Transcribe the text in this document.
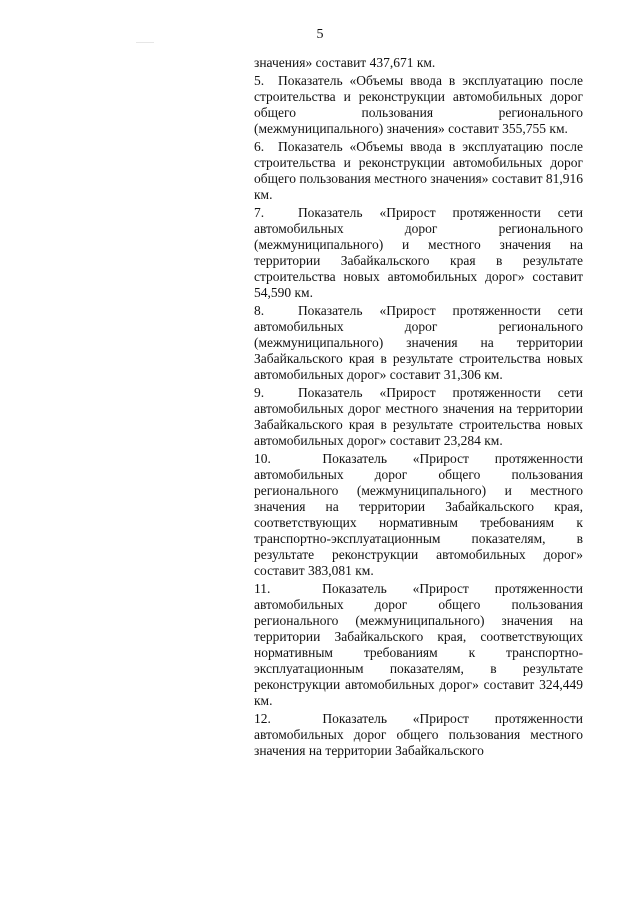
5

значения» составит 437,671 км.

5. Показатель «Объемы ввода в эксплуатацию после строительства и реконструкции автомобильных дорог общего пользования регионального (межмуниципального) значения» составит 355,755 км.

6. Показатель «Объемы ввода в эксплуатацию после строительства и реконструкции автомобильных дорог общего пользования местного значения» составит 81,916 км.

7.	Показатель «Прирост протяженности сети автомобильных дорог регионального (межмуниципального) и местного значения на территории Забайкальского края в результате строительства новых автомобильных дорог» составит 54,590 км.

8.	Показатель «Прирост протяженности сети автомобильных дорог регионального (межмуниципального) значения на территории Забайкальского края в результате строительства новых автомобильных дорог» составит 31,306 км.

9.	Показатель «Прирост протяженности сети автомобильных дорог местного значения на территории Забайкальского края в результате строительства новых автомобильных дорог» составит 23,284 км.

10.	Показатель «Прирост протяженности автомобильных дорог общего пользования регионального (межмуниципального) и местного значения на территории Забайкальского края, соответствующих нормативным требованиям к транспортно-эксплуатационным показателям, в результате реконструкции автомобильных дорог» составит 383,081 км.

11.	Показатель «Прирост протяженности автомобильных дорог общего пользования регионального (межмуниципального) значения на территории Забайкальского края, соответствующих нормативным требованиям к транспортно-эксплуатационным показателям, в результате реконструкции автомобильных дорог» составит 324,449 км.

12.	Показатель «Прирост протяженности автомобильных дорог общего пользования местного значения на территории Забайкальского
